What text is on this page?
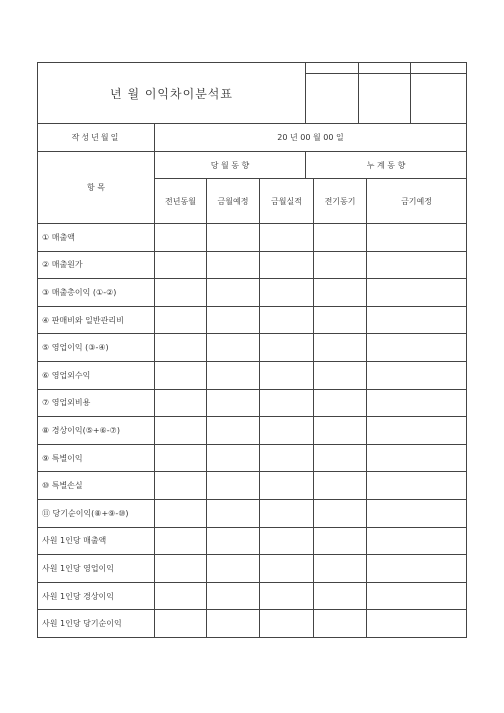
년 월 이익차이분석표									

작성년월일	20 년 00 월 00 일								
항 목	당 월 동 향			누 계 동 향					
	전년동월	금월예정	금월실적		전기동기		금기예정	
① 매출액									
② 매출원가									
③ 매출총이익 (①-②)									
④ 판매비와 일반관리비									
⑤ 영업이익 (③-④)									
⑥ 영업외수익									
⑦ 영업외비용									
⑧ 경상이익(⑤+⑥-⑦)									
⑨ 특별이익									
⑩ 특별손실									
⑪ 당기순이익(⑧+⑨-⑩)									
사원 1인당 매출액									
사원 1인당 영업이익									
사원 1인당 경상이익									
사원 1인당 당기순이익									
